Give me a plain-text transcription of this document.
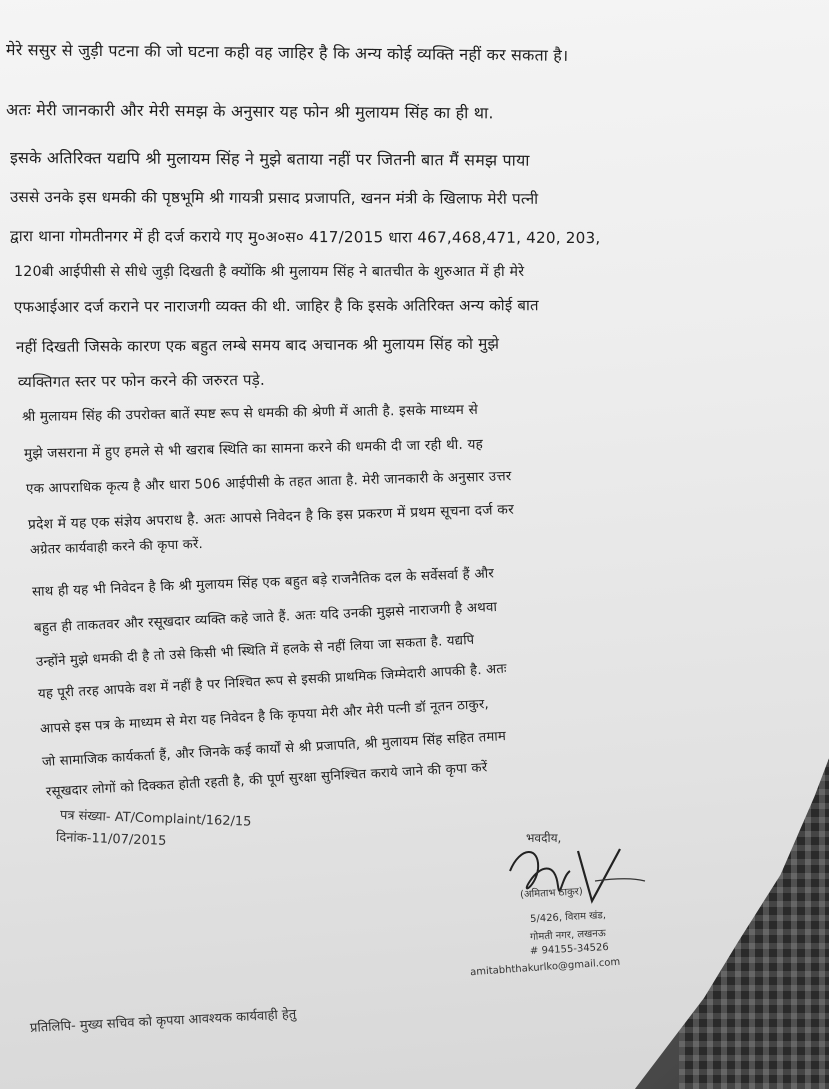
मेरे ससुर से जुड़ी पटना की जो घटना कही वह जाहिर है कि अन्य कोई व्यक्ति नहीं कर सकता है।
अतः मेरी जानकारी और मेरी समझ के अनुसार यह फोन श्री मुलायम सिंह का ही था.
इसके अतिरिक्त यद्यपि श्री मुलायम सिंह ने मुझे बताया नहीं पर जितनी बात मैं समझ पाया
उससे उनके इस धमकी की पृष्ठभूमि श्री गायत्री प्रसाद प्रजापति, खनन मंत्री के खिलाफ मेरी पत्नी
द्वारा थाना गोमतीनगर में ही दर्ज कराये गए मु०अ०स० 417/2015 धारा 467,468,471, 420, 203,
120बी आईपीसी से सीधे जुड़ी दिखती है क्योंकि श्री मुलायम सिंह ने बातचीत के शुरुआत में ही मेरे
एफआईआर दर्ज कराने पर नाराजगी व्यक्त की थी. जाहिर है कि इसके अतिरिक्त अन्य कोई बात
नहीं दिखती जिसके कारण एक बहुत लम्बे समय बाद अचानक श्री मुलायम सिंह को मुझे
व्यक्तिगत स्तर पर फोन करने की जरुरत पड़े.
श्री मुलायम सिंह की उपरोक्त बातें स्पष्ट रूप से धमकी की श्रेणी में आती है. इसके माध्यम से
मुझे जसराना में हुए हमले से भी खराब स्थिति का सामना करने की धमकी दी जा रही थी. यह
एक आपराधिक कृत्य है और धारा 506 आईपीसी के तहत आता है. मेरी जानकारी के अनुसार उत्तर
प्रदेश में यह एक संज्ञेय अपराध है. अतः आपसे निवेदन है कि इस प्रकरण में प्रथम सूचना दर्ज कर
अग्रेतर कार्यवाही करने की कृपा करें.
साथ ही यह भी निवेदन है कि श्री मुलायम सिंह एक बहुत बड़े राजनैतिक दल के सर्वेसर्वा हैं और
बहुत ही ताकतवर और रसूखदार व्यक्ति कहे जाते हैं. अतः यदि उनकी मुझसे नाराजगी है अथवा
उन्होंने मुझे धमकी दी है तो उसे किसी भी स्थिति में हलके से नहीं लिया जा सकता है. यद्यपि
यह पूरी तरह आपके वश में नहीं है पर निश्चित रूप से इसकी प्राथमिक जिम्मेदारी आपकी है. अतः
आपसे इस पत्र के माध्यम से मेरा यह निवेदन है कि कृपया मेरी और मेरी पत्नी डॉ नूतन ठाकुर,
जो सामाजिक कार्यकर्ता हैं, और जिनके कई कार्यों से श्री प्रजापति, श्री मुलायम सिंह सहित तमाम
रसूखदार लोगों को दिक्कत होती रहती है, की पूर्ण सुरक्षा सुनिश्चित कराये जाने की कृपा करें
पत्र संख्या- AT/Complaint/162/15
दिनांक-11/07/2015	भवदीय,
(अमिताभ ठाकुर)
5/426, विराम खंड,
गोमती नगर, लखनऊ
# 94155-34526
amitabhthakurlko@gmail.com
प्रतिलिपि- मुख्य सचिव को कृपया आवश्यक कार्यवाही हेतु
